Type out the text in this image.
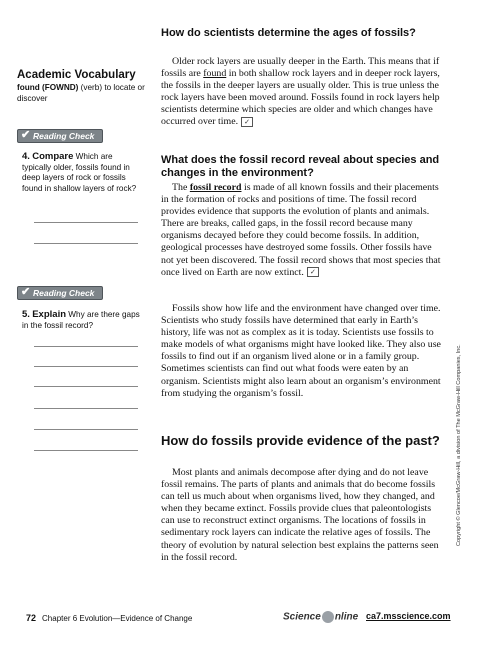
Academic Vocabulary
found (FOWND) (verb) to locate or discover
✔ Reading Check
4. Compare Which are typically older, fossils found in deep layers of rock or fossils found in shallow layers of rock?
✔ Reading Check
5. Explain Why are there gaps in the fossil record?
How do scientists determine the ages of fossils?

Older rock layers are usually deeper in the Earth. This means that if fossils are found in both shallow rock layers and in deeper rock layers, the fossils in the deeper layers are usually older. This is true unless the rock layers have been moved around. Fossils found in rock layers help scientists determine which species are older and which changes have occurred over time. ✓

What does the fossil record reveal about species and changes in the environment?

The fossil record is made of all known fossils and their placements in the formation of rocks and positions of time. The fossil record provides evidence that supports the evolution of plants and animals. There are breaks, called gaps, in the fossil record because many organisms decayed before they could become fossils. In addition, geological processes have destroyed some fossils. Other fossils have not yet been discovered. The fossil record shows that most species that once lived on Earth are now extinct. ✓

Fossils show how life and the environment have changed over time. Scientists who study fossils have determined that early in Earth’s history, life was not as complex as it is today. Scientists use fossils to make models of what organisms might have looked like. They also use fossils to find out if an organism lived alone or in a family group. Sometimes scientists can find out what foods were eaten by an organism. Scientists might also learn about an organism’s environment from studying the organism’s fossil.

How do fossils provide evidence of the past?

Most plants and animals decompose after dying and do not leave fossil remains. The parts of plants and animals that do become fossils can tell us much about when organisms lived, how they changed, and when they became extinct. Fossils provide clues that paleontologists can use to reconstruct extinct organisms. The locations of fossils in sedimentary rock layers can indicate the relative ages of fossils. The theory of evolution by natural selection best explains the patterns seen in the fossil record.

Copyright © Glencoe/McGraw-Hill, a division of The McGraw-Hill Companies, Inc.
72 Chapter 6 Evolution—Evidence of Change	Science nline ca7.msscience.com
